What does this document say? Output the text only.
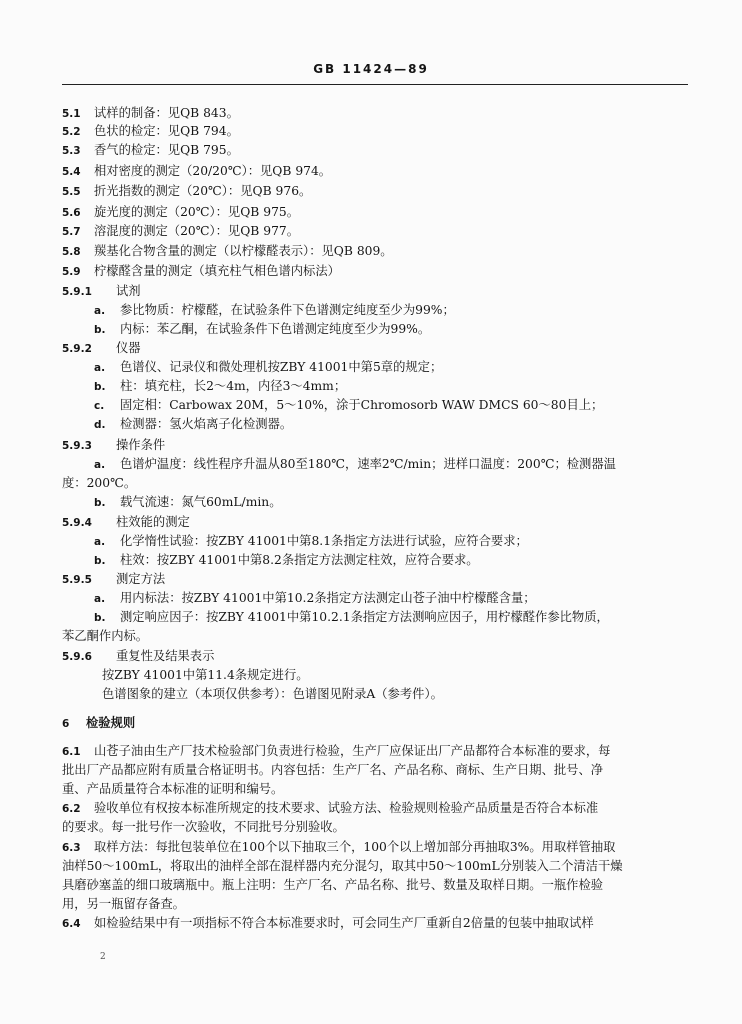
GB 11424—89
5.1 试样的制备：见QB 843。
5.2 色状的检定：见QB 794。
5.3 香气的检定：见QB 795。
5.4 相对密度的测定（20/20℃）：见QB 974。
5.5 折光指数的测定（20℃）：见QB 976。
5.6 旋光度的测定（20℃）：见QB 975。
5.7 溶混度的测定（20℃）：见QB 977。
5.8 羰基化合物含量的测定（以柠檬醛表示）：见QB 809。
5.9 柠檬醛含量的测定（填充柱气相色谱内标法）
5.9.1 试剂
a. 参比物质：柠檬醛，在试验条件下色谱测定纯度至少为99%；
b. 内标：苯乙酮，在试验条件下色谱测定纯度至少为99%。
5.9.2 仪器
a. 色谱仪、记录仪和微处理机按ZBY 41001中第5章的规定；
b. 柱：填充柱，长2～4m，内径3～4mm；
c. 固定相：Carbowax 20M，5～10%，涂于Chromosorb WAW DMCS 60～80目上；
d. 检测器：氢火焰离子化检测器。
5.9.3 操作条件
a. 色谱炉温度：线性程序升温从80至180℃，速率2℃/min；进样口温度：200℃；检测器温
度：200℃。
b. 载气流速：氮气60mL/min。
5.9.4 柱效能的测定
a. 化学惰性试验：按ZBY 41001中第8.1条指定方法进行试验，应符合要求；
b. 柱效：按ZBY 41001中第8.2条指定方法测定柱效，应符合要求。
5.9.5 测定方法
a. 用内标法：按ZBY 41001中第10.2条指定方法测定山苍子油中柠檬醛含量；
b. 测定响应因子：按ZBY 41001中第10.2.1条指定方法测响应因子，用柠檬醛作参比物质，
苯乙酮作内标。
5.9.6 重复性及结果表示
按ZBY 41001中第11.4条规定进行。
色谱图象的建立（本项仅供参考）：色谱图见附录A（参考件）。
6 检验规则
6.1 山苍子油由生产厂技术检验部门负责进行检验，生产厂应保证出厂产品都符合本标准的要求，每
批出厂产品都应附有质量合格证明书。内容包括：生产厂名、产品名称、商标、生产日期、批号、净
重、产品质量符合本标准的证明和编号。
6.2 验收单位有权按本标准所规定的技术要求、试验方法、检验规则检验产品质量是否符合本标准
的要求。每一批号作一次验收，不同批号分别验收。
6.3 取样方法：每批包装单位在100个以下抽取三个，100个以上增加部分再抽取3%。用取样管抽取
油样50～100mL，将取出的油样全部在混样器内充分混匀，取其中50～100mL分别装入二个清洁干燥
具磨砂塞盖的细口玻璃瓶中。瓶上注明：生产厂名、产品名称、批号、数量及取样日期。一瓶作检验
用，另一瓶留存备查。
6.4 如检验结果中有一项指标不符合本标准要求时，可会同生产厂重新自2倍量的包装中抽取试样
2
